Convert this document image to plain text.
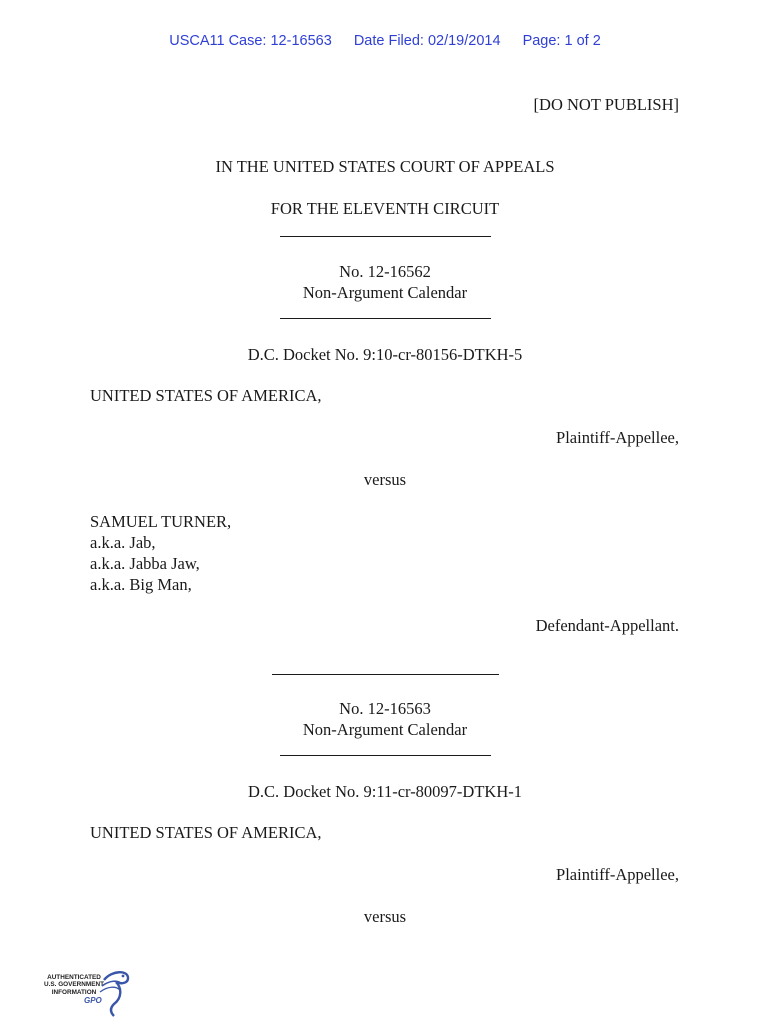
USCA11 Case: 12-16563 Date Filed: 02/19/2014 Page: 1 of 2
[DO NOT PUBLISH]
IN THE UNITED STATES COURT OF APPEALS
FOR THE ELEVENTH CIRCUIT
No. 12-16562
Non-Argument Calendar
D.C. Docket No. 9:10-cr-80156-DTKH-5
UNITED STATES OF AMERICA,
Plaintiff-Appellee,
versus
SAMUEL TURNER,
a.k.a. Jab,
a.k.a. Jabba Jaw,
a.k.a. Big Man,
Defendant-Appellant.
No. 12-16563
Non-Argument Calendar
D.C. Docket No. 9:11-cr-80097-DTKH-1
UNITED STATES OF AMERICA,
Plaintiff-Appellee,
versus
AUTHENTICATED
U.S. GOVERNMENT
INFORMATION
GPO
